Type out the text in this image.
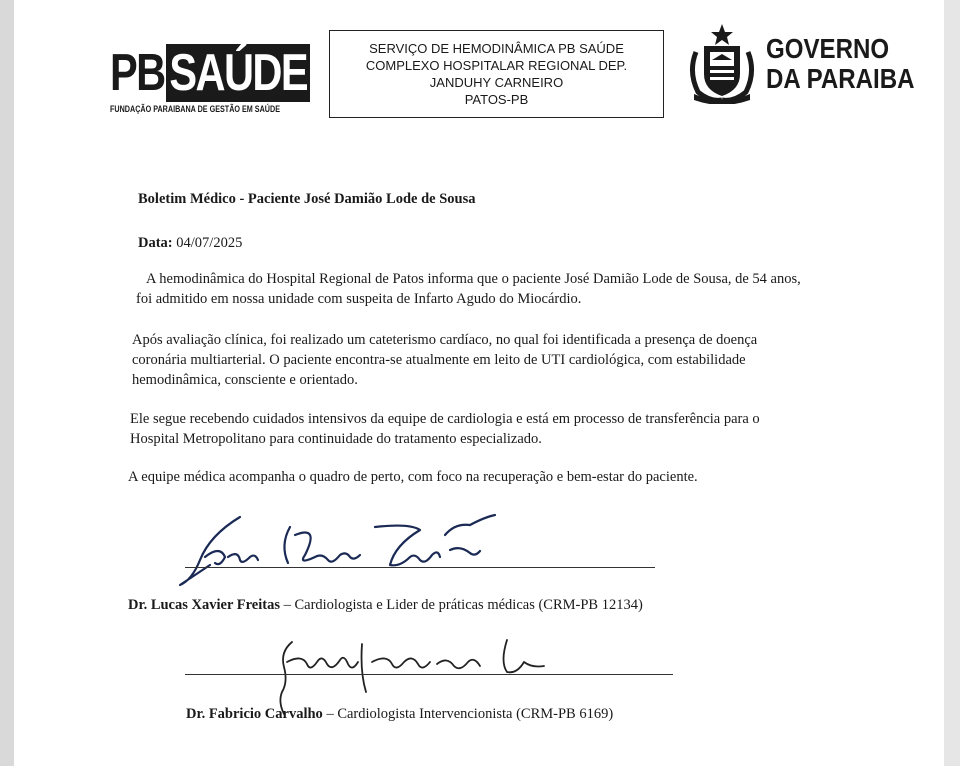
PBSAÚDE
FUNDAÇÃO PARAIBANA DE GESTÃO EM SAÚDE
SERVIÇO DE HEMODINÂMICA PB SAÚDE
COMPLEXO HOSPITALAR REGIONAL DEP.
JANDUHY CARNEIRO
PATOS-PB
GOVERNO
DA PARAIBA
Boletim Médico - Paciente José Damião Lode de Sousa
Data: 04/07/2025
A hemodinâmica do Hospital Regional de Patos informa que o paciente José Damião Lode de Sousa, de 54 anos,
foi admitido em nossa unidade com suspeita de Infarto Agudo do Miocárdio.
Após avaliação clínica, foi realizado um cateterismo cardíaco, no qual foi identificada a presença de doença
coronária multiarterial. O paciente encontra-se atualmente em leito de UTI cardiológica, com estabilidade
hemodinâmica, consciente e orientado.
Ele segue recebendo cuidados intensivos da equipe de cardiologia e está em processo de transferência para o
Hospital Metropolitano para continuidade do tratamento especializado.
A equipe médica acompanha o quadro de perto, com foco na recuperação e bem-estar do paciente.
Dr. Lucas Xavier Freitas – Cardiologista e Lider de práticas médicas (CRM-PB 12134)
Dr. Fabricio Carvalho – Cardiologista Intervencionista (CRM-PB 6169)
